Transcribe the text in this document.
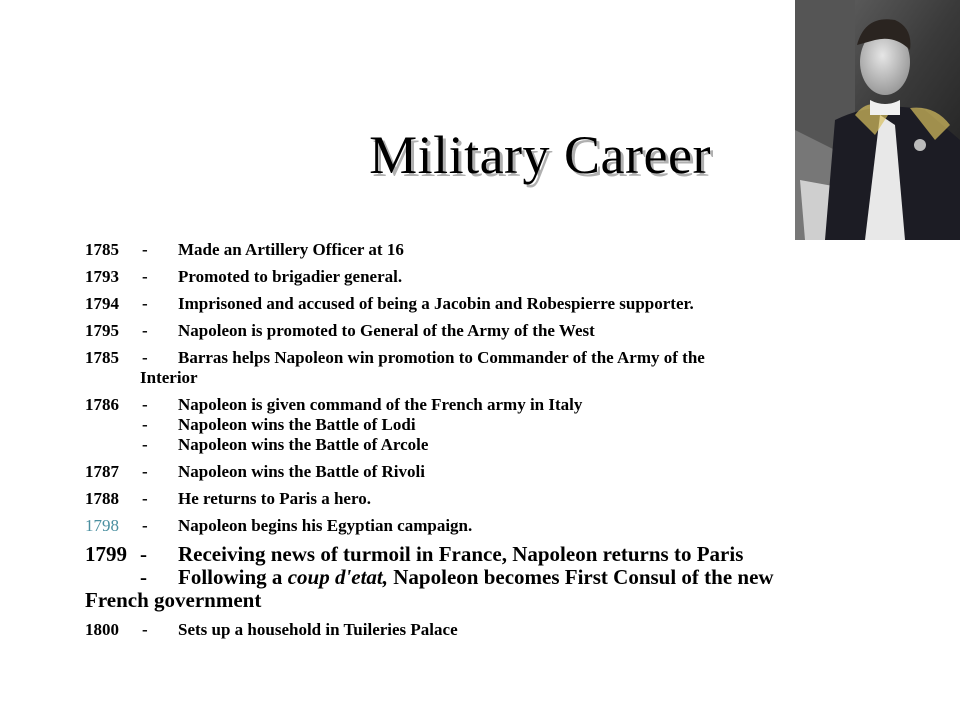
Military Career
1785 -	Made an Artillery Officer at 16
1793 -	Promoted to brigadier general.
1794 -	Imprisoned and accused of being a Jacobin and Robespierre supporter.
1795 -	Napoleon is promoted to General of the Army of the West
1785 -	Barras helps Napoleon win promotion to Commander of the Army of the
Interior
1786 -	Napoleon is given command of the French army in Italy
-	Napoleon wins the Battle of Lodi
-	Napoleon wins the Battle of Arcole
1787 -	Napoleon wins the Battle of Rivoli
1788 -	He returns to Paris a hero.
1798 -	Napoleon begins his Egyptian campaign.
1799 -	Receiving news of turmoil in France, Napoleon returns to Paris
-	Following a coup d'etat, Napoleon becomes First Consul of the new
French government
1800 -	Sets up a household in Tuileries Palace
